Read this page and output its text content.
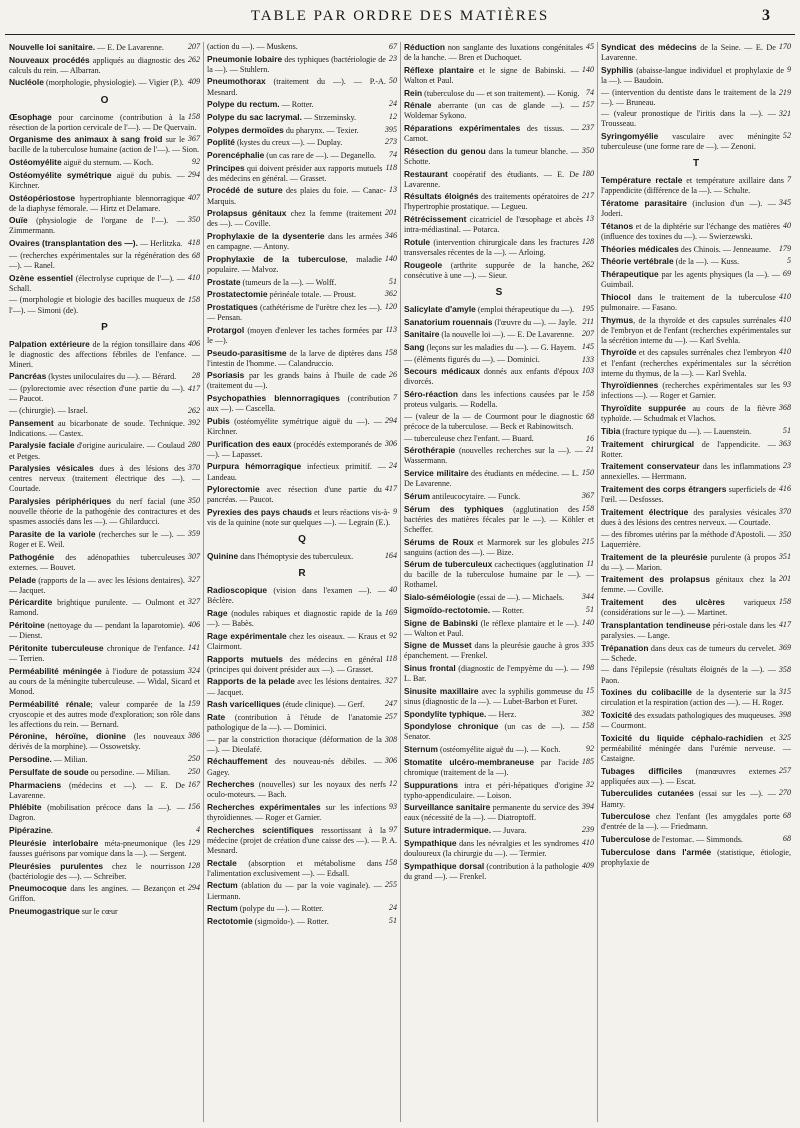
TABLE PAR ORDRE DES MATIÈRES	3
207
Nouvelle loi sanitaire. — E. De Lavarenne.
262
Nouveaux procédés appliqués au diagnostic des calculs du rein. — Albarran.
409
Nucléole (morphologie, physiologie). — Vigier (P.).
O
158
Œsophage pour carcinome (contribution à la résection de la portion cervicale de l'—). — De Quervain.
367
Organisme des animaux à sang froid sur le bacille de la tuberculose humaine (action de l'—). — Sion.
92
Ostéomyélite aiguë du sternum. — Koch.
294
Ostéomyélite symétrique aiguë du pubis. — Kirchner.
407
Ostéopériostose hypertrophiante blennorragique de la diaphyse fémorale. — Hirtz et Delamare.
350
Ouïe (physiologie de l'organe de l'—). — Zimmermann.
418
Ovaires (transplantation des —). — Herlitzka.
68
— (recherches expérimentales sur la régénération des —). — Ranel.
410
Ozène essentiel (électrolyse cuprique de l'—). — Schall.
158
— (morphologie et biologie des bacilles muqueux de l'—). — Simoni (de).
P
406
Palpation extérieure de la région tonsillaire dans le diagnostic des affections fébriles de l'enfance. — Mineri.
28
Pancréas (kystes uniloculaires du —). — Bérard.
417
— (pylorectomie avec résection d'une partie du —). — Paucot.
262
— (chirurgie). — Israel.
392
Pansement au bicarbonate de soude. Technique. Indications. — Castex.
280
Paralysie faciale d'origine auriculaire. — Coulaud et Petges.
370
Paralysies vésicales dues à des lésions des centres nerveux (traitement électrique des —). — Courtade.
350
Paralysies périphériques du nerf facial (une nouvelle théorie de la pathogénie des contractures et des spasmes associés dans les —). — Ghilarducci.
359
Parasite de la variole (recherches sur le —). — Roger et E. Weil.
307
Pathogénie des adénopathies tuberculeuses externes. — Bouvet.
327
Pelade (rapports de la — avec les lésions dentaires). — Jacquet.
327
Péricardite brightique purulente. — Oulmont et Ramond.
406
Péritoine (nettoyage du — pendant la laparotomie). — Dienst.
141
Péritonite tuberculeuse chronique de l'enfance. — Terrien.
324
Perméabilité méningée à l'iodure de potassium au cours de la méningite tuberculeuse. — Widal, Sicard et Monod.
159
Perméabilité rénale; valeur comparée de la cryoscopie et des autres mode d'exploration; son rôle dans les affections du rein. — Bernard.
386
Péronine, héroïne, dionine (les nouveaux dérivés de la morphine). — Ossowetsky.
250
Persodine. — Milian.
250
Persulfate de soude ou persodine. — Milian.
167
Pharmaciens (médecins et —). — E. De Lavarenne.
156
Phlébite (mobilisation précoce dans la —). — Dagron.
4
Pipérazine.
129
Pleurésie interlobaire méta-pneumonique (les fausses guérisons par vomique dans la —). — Sergent.
128
Pleurésies purulentes chez le nourrisson (bactériologie des —). — Schreiber.
294
Pneumocoque dans les angines. — Bezançon et Griffon.
Pneumogastrique sur le cœur
67
(action du —). — Muskens.
23
Pneumonie lobaire des typhiques (bactériologie de la —). — Stuhlern.
50
Pneumothorax (traitement du —). — P.-A. Mesnard.
24
Polype du rectum. — Rotter.
12
Polype du sac lacrymal. — Strzeminsky.
395
Polypes dermoïdes du pharynx. — Texier.
273
Poplité (kystes du creux —). — Duplay.
74
Porencéphalie (un cas rare de —). — Deganello.
118
Principes qui doivent présider aux rapports mutuels des médecins en général. — Grasset.
13
Procédé de suture des plaies du foie. — Canac-Marquis.
201
Prolapsus génitaux chez la femme (traitement des —). — Coville.
346
Prophylaxie de la dysenterie dans les armées en campagne. — Antony.
140
Prophylaxie de la tuberculose, maladie populaire. — Malvoz.
51
Prostate (tumeurs de la —). — Wolff.
362
Prostatectomie périnéale totale. — Proust.
120
Prostatiques (cathétérisme de l'urètre chez les —). — Pensan.
113
Protargol (moyen d'enlever les taches formées par le —).
158
Pseudo-parasitisme de la larve de diptères dans l'intestin de l'homme. — Calandruccio.
26
Psoriasis par les grands bains à l'huile de cade (traitement du —).
7
Psychopathies blennorragiques (contribution aux —). — Cascella.
294
Pubis (ostéomyélite symétrique aiguë du —). — Kirchner.
306
Purification des eaux (procédés extemporanés de —). — Lapasset.
24
Purpura hémorragique infectieux primitif. — Landeau.
417
Pylorectomie avec résection d'une partie du pancréas. — Paucot.
9
Pyrexies des pays chauds et leurs réactions vis-à-vis de la quinine (note sur quelques —). — Legrain (E.).
Q
164
Quinine dans l'hémoptysie des tuberculeux.
R
40
Radioscopique (vision dans l'examen —). — Béclère.
169
Rage (nodules rabiques et diagnostic rapide de la —). — Babès.
92
Rage expérimentale chez les oiseaux. — Kraus et Clairmont.
118
Rapports mutuels des médecins en général (principes qui doivent présider aux —). — Grasset.
327
Rapports de la pelade avec les lésions dentaires. — Jacquet.
247
Rash varicelliques (étude clinique). — Gerf.
257
Rate (contribution à l'étude de l'anatomie pathologique de la —). — Dominici.
308
— par la constriction thoracique (déformation de la —). — Dieulafé.
306
Réchauffement des nouveau-nés débiles. — Gagey.
12
Recherches (nouvelles) sur les noyaux des nerfs oculo-moteurs. — Bach.
93
Recherches expérimentales sur les infections thyroïdiennes. — Roger et Garnier.
97
Recherches scientifiques ressortissant à la médecine (projet de création d'une caisse des —). — P. A. Mesnard.
158
Rectale (absorption et métabolisme dans l'alimentation exclusivement —). — Edsall.
255
Rectum (ablation du — par la voie vaginale). — Liermann.
24
Rectum (polype du —). — Rotter.
51
Rectotomie (sigmoïdo-). — Rotter.
45
Réduction non sanglante des luxations congénitales de la hanche. — Bren et Duchoquet.
140
Réflexe plantaire et le signe de Babinski. — Walton et Paul.
74
Rein (tuberculose du — et son traitement). — Konig.
157
Rénale aberrante (un cas de glande —). — Woldemar Sykono.
237
Réparations expérimentales des tissus. — Carnot.
350
Résection du genou dans la tumeur blanche. — Schotte.
180
Restaurant coopératif des étudiants. — E. De Lavarenne.
217
Résultats éloignés des traitements opératoires de l'hypertrophie prostatique. — Legueu.
13
Rétrécissement cicatriciel de l'œsophage et abcès intra-médiastinal. — Potarca.
128
Rotule (intervention chirurgicale dans les fractures transversales récentes de la —). — Arloing.
262
Rougeole (arthrite suppurée de la hanche, consécutive à une —). — Sieur.
S
195
Salicylate d'amyle (emploi thérapeutique du —).
211
Sanatorium rouennais (l'œuvre du —). — Jayle.
207
Sanitaire (la nouvelle loi —). — E. De Lavarenne.
145
Sang (leçons sur les maladies du —). — G. Hayem.
133
— (éléments figurés du —). — Dominici.
103
Secours médicaux donnés aux enfants d'époux divorcés.
158
Séro-réaction dans les infections causées par le proteus vulgaris. — Rodella.
68
— (valeur de la — de Courmont pour le diagnostic précoce de la tuberculose. — Beck et Rabinowitsch.
16
— tuberculeuse chez l'enfant. — Buard.
21
Sérothérapie (nouvelles recherches sur la —). — Wassermann.
150
Service militaire des étudiants en médecine. — L. De Lavarenne.
367
Sérum antileucocytaire. — Funck.
158
Sérum des typhiques (agglutination des bactéries des matières fécales par le —). — Köhler et Scheffer.
215
Sérums de Roux et Marmorek sur les globules sanguins (action des —). — Bize.
11
Sérum de tuberculeux cachectiques (agglutination du bacille de la tuberculose humaine par le —). — Rothamel.
344
Sialo-séméiologie (essai de —). — Michaels.
51
Sigmoïdo-rectotomie. — Rotter.
140
Signe de Babinski (le réflexe plantaire et le —). — Walton et Paul.
335
Signe de Musset dans la pleurésie gauche à gros épanchement. — Frenkel.
198
Sinus frontal (diagnostic de l'empyème du —). — L. Bar.
15
Sinusite maxillaire avec la syphilis gommeuse du sinus (diagnostic de la —). — Lubet-Barbon et Furet.
382
Spondylite typhique. — Herz.
158
Spondylose chronique (un cas de —). — Senator.
92
Sternum (ostéomyélite aiguë du —). — Koch.
185
Stomatite ulcéro-membraneuse par l'acide chromique (traitement de la —).
32
Suppurations intra et péri-hépatiques d'origine typho-appendiculaire. — Loison.
394
Surveillance sanitaire permanente du service des eaux (nécessité de la —). — Diatroptoff.
239
Suture intradermique. — Juvara.
410
Sympathique dans les névralgies et les syndromes douloureux (la chirurgie du —). — Termier.
409
Sympathique dorsal (contribution à la pathologie du grand —). — Frenkel.
170
Syndicat des médecins de la Seine. — E. De Lavarenne.
9
Syphilis (abaisse-langue individuel et prophylaxie de la —). — Baudoin.
219
— (intervention du dentiste dans le traitement de la —). — Bruneau.
321
— (valeur pronostique de l'iritis dans la —). — Trousseau.
52
Syringomyélie vasculaire avec méningite tuberculeuse (une forme rare de —). — Zenoni.
T
7
Température rectale et température axillaire dans l'appendicite (différence de la —). — Schulte.
345
Tératome parasitaire (inclusion d'un —). — Joderi.
40
Tétanos et de la diphtérie sur l'échange des matières (influence des toxines du —). — Swierzewski.
179
Théories médicales des Chinois. — Jenneaume.
5
Théorie vertébrale (de la —). — Kuss.
69
Thérapeutique par les agents physiques (la —). — Guimbail.
410
Thiocol dans le traitement de la tuberculose pulmonaire. — Fasano.
410
Thymus, de la thyroïde et des capsules surrénales de l'embryon et de l'enfant (recherches expérimentales sur la sécrétion interne du —). — Karl Svehla.
410
Thyroïde et des capsules surrénales chez l'embryon et l'enfant (recherches expérimentales sur la sécrétion interne du thymus, de la —). — Karl Svehla.
93
Thyroïdiennes (recherches expérimentales sur les infections —). — Roger et Garnier.
368
Thyroïdite suppurée au cours de la fièvre typhoïde. — Schudmak et Vlachos.
51
Tibia (fracture typique du —). — Lauenstein.
363
Traitement chirurgical de l'appendicite. — Rotter.
23
Traitement conservateur dans les inflammations annexielles. — Herrmann.
416
Traitement des corps étrangers superficiels de l'œil. — Desfosses.
370
Traitement électrique des paralysies vésicales dues à des lésions des centres nerveux. — Courtade.
350
— des fibromes utérins par la méthode d'Apostoli. — Laquerrière.
351
Traitement de la pleurésie purulente (à propos du —). — Marion.
201
Traitement des prolapsus génitaux chez la femme. — Coville.
158
Traitement des ulcères variqueux (considérations sur le —). — Martinet.
417
Transplantation tendineuse péri-ostale dans les paralysies. — Lange.
369
Trépanation dans deux cas de tumeurs du cervelet. — Schede.
358
— dans l'épilepsie (résultats éloignés de la —). — Paon.
315
Toxines du colibacille de la dysenterie sur la circulation et la respiration (action des —). — H. Roger.
398
Toxicité des exsudats pathologiques des muqueuses. — Courmont.
325
Toxicité du liquide céphalo-rachidien et perméabilité méningée dans l'urémie nerveuse. — Castaigne.
257
Tubages difficiles (manœuvres externes appliquées aux —). — Escat.
270
Tuberculides cutanées (essai sur les —). — Hamry.
68
Tuberculose chez l'enfant (les amygdales porte d'entrée de la —). — Friedmann.
68
Tuberculose de l'estomac. — Simmonds.
Tuberculose dans l'armée (statistique, étiologie, prophylaxie de
